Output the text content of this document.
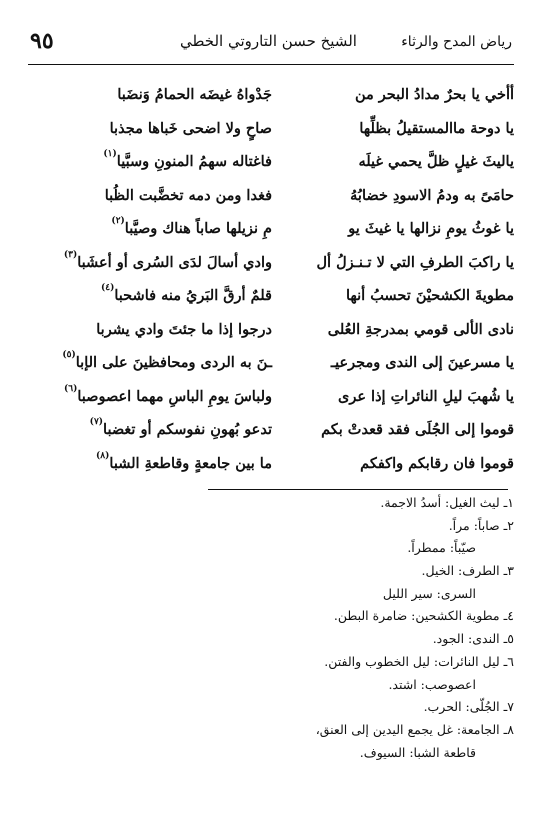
رياض المدح والرثاء
الشيخ حسن التاروتي الخطي
٩٥
أأخي يا بحرٌ مدادُ البحر من
جَدْواهُ غيضَه الحمامُ وَنضَبا
يا دوحة ماالمستقيلُ بظلِّها
صاحٍ ولا اضحى خَباها مجذبا
ياليثَ غيلٍ ظلَّ يحمي غيلَه
فاغتاله سهمُ المنونِ وسبَّيا$^{(١)}$
حامَىً به ودمُ الاسودِ خضابُهُ
فغدا ومن دمه تخضَّبت الظُبا
يا غوثُ يومِ نزالها يا غيثَ يو
مِ نزيلها صاباً هناك وصيَّبا$^{(٢)}$
يا راكبَ الطرفِ التي لا تـنـزلُ أل
وادي أسالَ لدَى السُرى أو أعشَبا$^{(٣)}$
مطويةَ الكشحيْنَ تحسبُ أنها
قلمٌ أرقَّ البَريُ منه فاشحبا$^{(٤)}$
نادى الألى قومي بمدرجةِ العُلى
درجوا إذا ما جئتَ وادي يشربا
يا مسرعينَ إلى الندى ومجرعيـ
ـنَ به الردى ومحافظينَ على الإبا$^{(٥)}$
يا شُهبَ ليلِ النائراتِ إذا عرى
ولباسَ يومِ الباسِ مهما اعصوصبا$^{(٦)}$
قوموا إلى الجُلَى فقد قعدتْ بكم
تدعو بُهونِ نفوسكم أو تغضبا$^{(٧)}$
قوموا فان رقابكم واكفكم
ما بين جامعةٍ وقاطعةِ الشبا$^{(٨)}$
١ـ ليث الغيل: أسدُ الاجمة.
٢ـ صاباً: مراً.
صيّباً: ممطراً.
٣ـ الطرف: الخيل.
السرى: سير الليل
٤ـ مطوية الكشحين: ضامرة البطن.
٥ـ الندى: الجود.
٦ـ ليل النائرات: ليل الخطوب والفتن.
اعصوصب: اشتد.
٧ـ الجُلّى: الحرب.
٨ـ الجامعة: غل يجمع اليدين إلى العنق،
قاطعة الشبا: السيوف.
